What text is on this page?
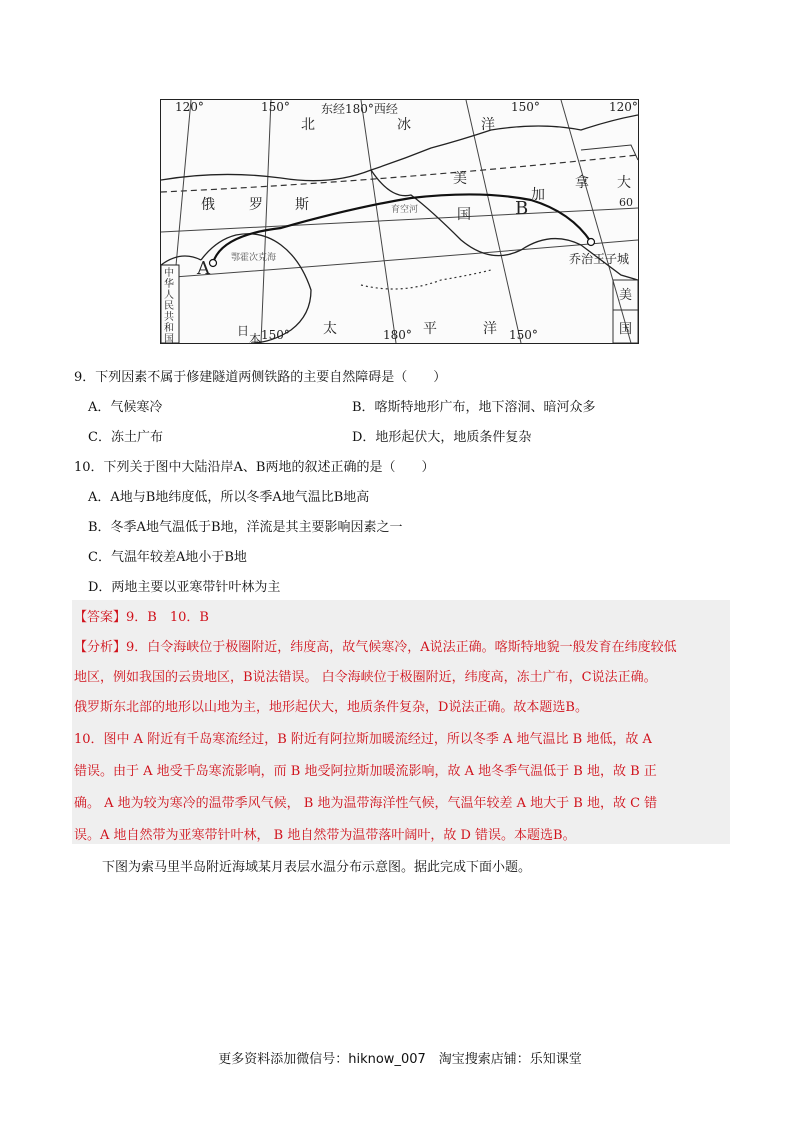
120°	150°	东经180°西经	150°	120°
北	冰	洋
美
加
拿 大
国
俄 罗 斯	60
A
B
乔治王子城
鄂霍次克海
育空河
中华人民共和国
日
本 150°	180°	150°
太	平	洋
美
国
9．下列因素不属于修建隧道两侧铁路的主要自然障碍是（　　）
A．气候寒冷	B．喀斯特地形广布，地下溶洞、暗河众多
C．冻土广布	D．地形起伏大，地质条件复杂
10．下列关于图中大陆沿岸A、B两地的叙述正确的是（　　）
A．A地与B地纬度低，所以冬季A地气温比B地高
B．冬季A地气温低于B地，洋流是其主要影响因素之一
C．气温年较差A地小于B地
D．两地主要以亚寒带针叶林为主
【答案】9．B　10．B
【分析】9．白令海峡位于极圈附近，纬度高，故气候寒冷，A说法正确。喀斯特地貌一般发育在纬度较低
地区，例如我国的云贵地区，B说法错误。 白令海峡位于极圈附近，纬度高，冻土广布，C说法正确。
俄罗斯东北部的地形以山地为主，地形起伏大，地质条件复杂，D说法正确。故本题选B。
10．图中 A 附近有千岛寒流经过，B 附近有阿拉斯加暖流经过，所以冬季 A 地气温比 B 地低，故 A
错误。由于 A 地受千岛寒流影响，而 B 地受阿拉斯加暖流影响，故 A 地冬季气温低于 B 地，故 B 正
确。 A 地为较为寒冷的温带季风气候， B 地为温带海洋性气候，气温年较差 A 地大于 B 地，故 C 错
误。A 地自然带为亚寒带针叶林， B 地自然带为温带落叶阔叶，故 D 错误。本题选B。
下图为索马里半岛附近海域某月表层水温分布示意图。据此完成下面小题。
更多资料添加微信号：hiknow_007　淘宝搜索店铺：乐知课堂
